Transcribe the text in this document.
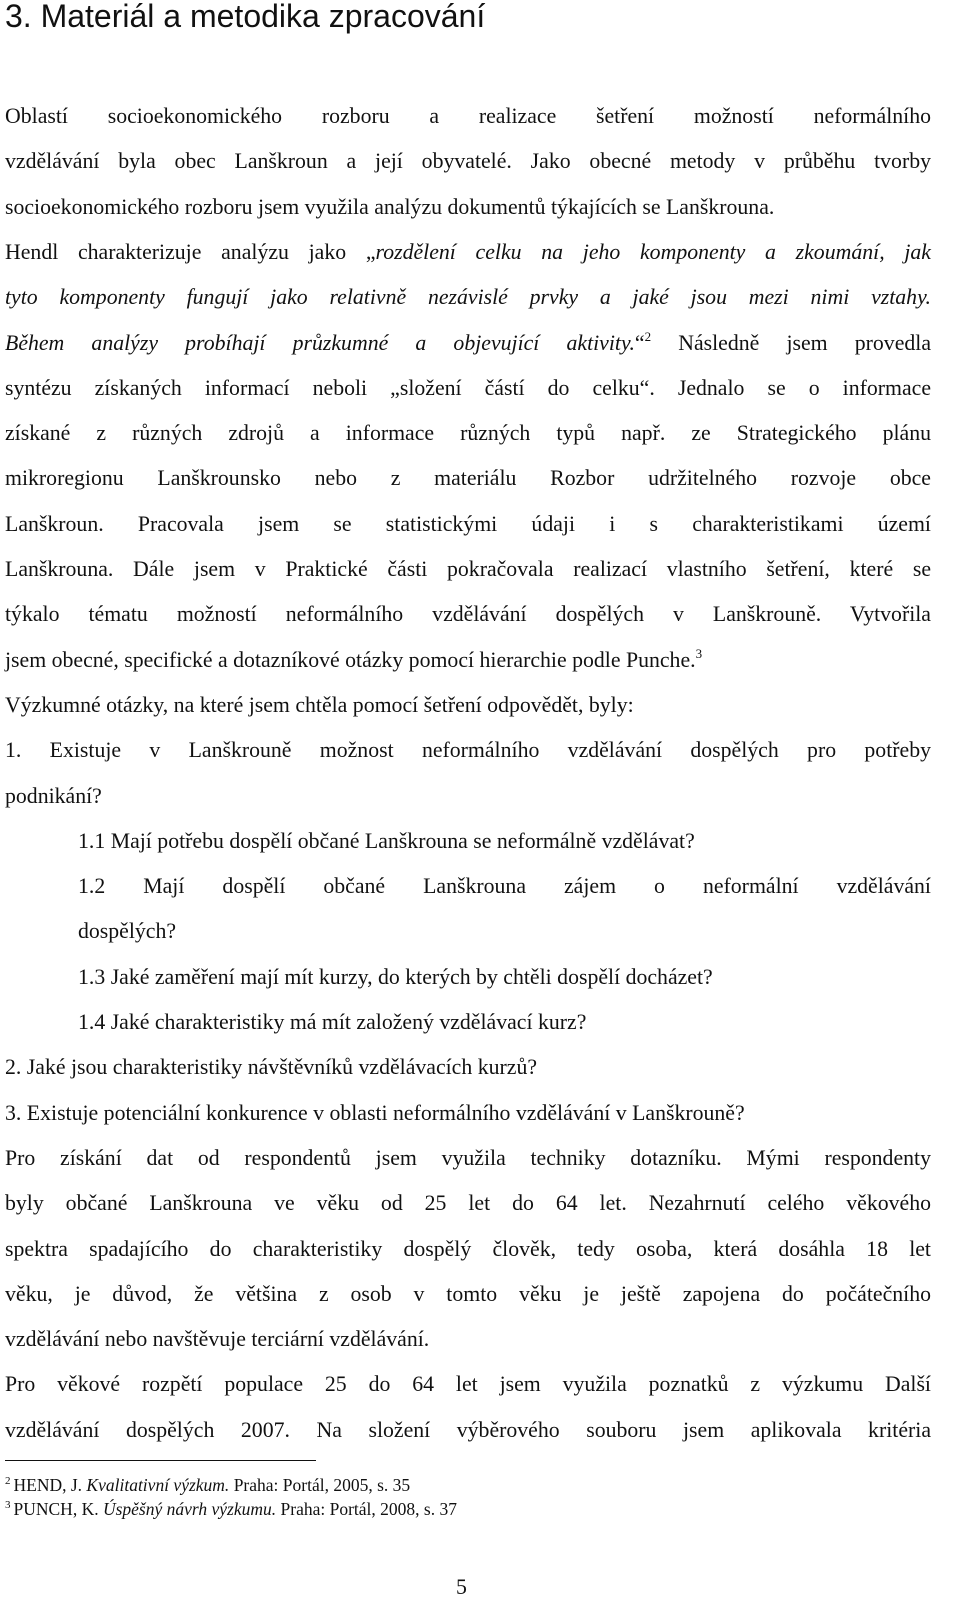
3. Materiál a metodika zpracování
Oblastí socioekonomického rozboru a realizace šetření možností neformálního
vzdělávání byla obec Lanškroun a její obyvatelé. Jako obecné metody v průběhu tvorby
socioekonomického rozboru jsem využila analýzu dokumentů týkajících se Lanškrouna.
Hendl charakterizuje analýzu jako „rozdělení celku na jeho komponenty a zkoumání, jak
tyto komponenty fungují jako relativně nezávislé prvky a jaké jsou mezi nimi vztahy.
Během analýzy probíhají průzkumné a objevující aktivity.“$^2$ Následně jsem provedla
syntézu získaných informací neboli „složení částí do celku“. Jednalo se o informace
získané z různých zdrojů a informace různých typů např. ze Strategického plánu
mikroregionu Lanškrounsko nebo z materiálu Rozbor udržitelného rozvoje obce
Lanškroun. Pracovala jsem se statistickými údaji i s charakteristikami území
Lanškrouna. Dále jsem v Praktické části pokračovala realizací vlastního šetření, které se
týkalo tématu možností neformálního vzdělávání dospělých v Lanškrouně. Vytvořila
jsem obecné, specifické a dotazníkové otázky pomocí hierarchie podle Punche.$^3$
Výzkumné otázky, na které jsem chtěla pomocí šetření odpovědět, byly:
1. Existuje v Lanškrouně možnost neformálního vzdělávání dospělých pro potřeby
podnikání?
1.1 Mají potřebu dospělí občané Lanškrouna se neformálně vzdělávat?
1.2 Mají dospělí občané Lanškrouna zájem o neformální vzdělávání
dospělých?
1.3 Jaké zaměření mají mít kurzy, do kterých by chtěli dospělí docházet?
1.4 Jaké charakteristiky má mít založený vzdělávací kurz?
2. Jaké jsou charakteristiky návštěvníků vzdělávacích kurzů?
3. Existuje potenciální konkurence v oblasti neformálního vzdělávání v Lanškrouně?
Pro získání dat od respondentů jsem využila techniky dotazníku. Mými respondenty
byly občané Lanškrouna ve věku od 25 let do 64 let. Nezahrnutí celého věkového
spektra spadajícího do charakteristiky dospělý člověk, tedy osoba, která dosáhla 18 let
věku, je důvod, že většina z osob v tomto věku je ještě zapojena do počátečního
vzdělávání nebo navštěvuje terciární vzdělávání.
Pro věkové rozpětí populace 25 do 64 let jsem využila poznatků z výzkumu Další
vzdělávání dospělých 2007. Na složení výběrového souboru jsem aplikovala kritéria
$^2$ HEND, J. Kvalitativní výzkum. Praha: Portál, 2005, s. 35
$^3$ PUNCH, K. Úspěšný návrh výzkumu. Praha: Portál, 2008, s. 37
5
